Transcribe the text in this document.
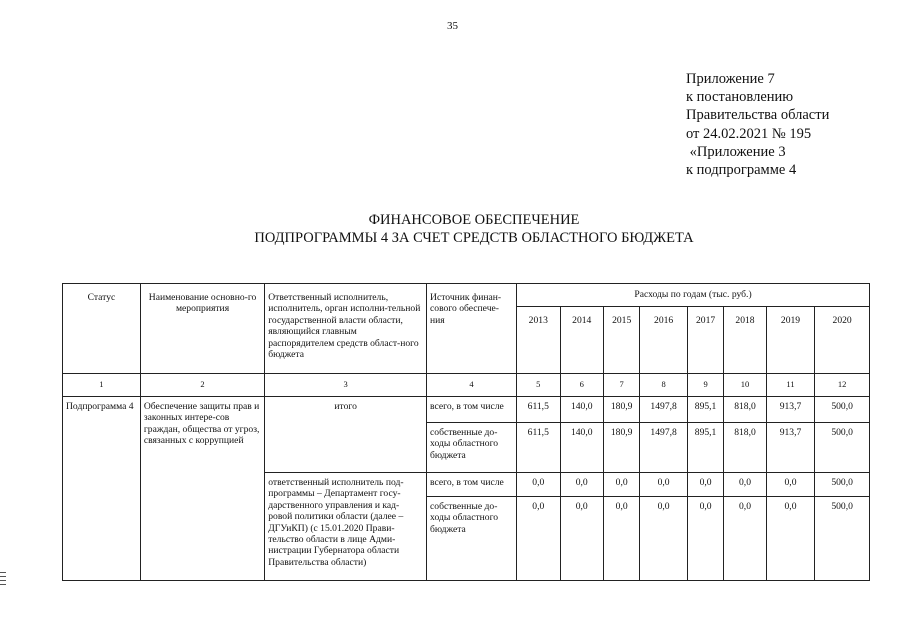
35
Приложение 7
к постановлению
Правительства области
от 24.02.2021 № 195
«Приложение 3
к подпрограмме 4
ФИНАНСОВОЕ ОБЕСПЕЧЕНИЕ
ПОДПРОГРАММЫ 4 ЗА СЧЕТ СРЕДСТВ ОБЛАСТНОГО БЮДЖЕТА
Статус	Наименование основно-го мероприятия	Ответственный исполнитель, исполнитель, орган исполни-тельной государственной власти области, являющийся главным распорядителем средств област-ного бюджета	Источник финан-сового обеспече-ния	Расходы по годам (тыс. руб.)							
				2013	2014	2015	2016	2017	2018	2019	2020
1	2	3	4	5	6	7	8	9	10	11	12
Подпрограмма 4	Обеспечение защиты прав и законных интере-сов граждан, общества от угроз, связанных с коррупцией	итого	всего, в том числе	611,5	140,0	180,9	1497,8	895,1	818,0	913,7	500,0
			собственные до-ходы областного бюджета	611,5	140,0	180,9	1497,8	895,1	818,0	913,7	500,0
		ответственный исполнитель под-программы – Департамент госу-дарственного управления и кад-ровой политики области (далее – ДГУиКП) (с 15.01.2020 Прави-тельство области в лице Адми-нистрации Губернатора области Правительства области)	всего, в том числе	0,0	0,0	0,0	0,0	0,0	0,0	0,0	500,0
			собственные до-ходы областного бюджета	0,0	0,0	0,0	0,0	0,0	0,0	0,0	500,0
